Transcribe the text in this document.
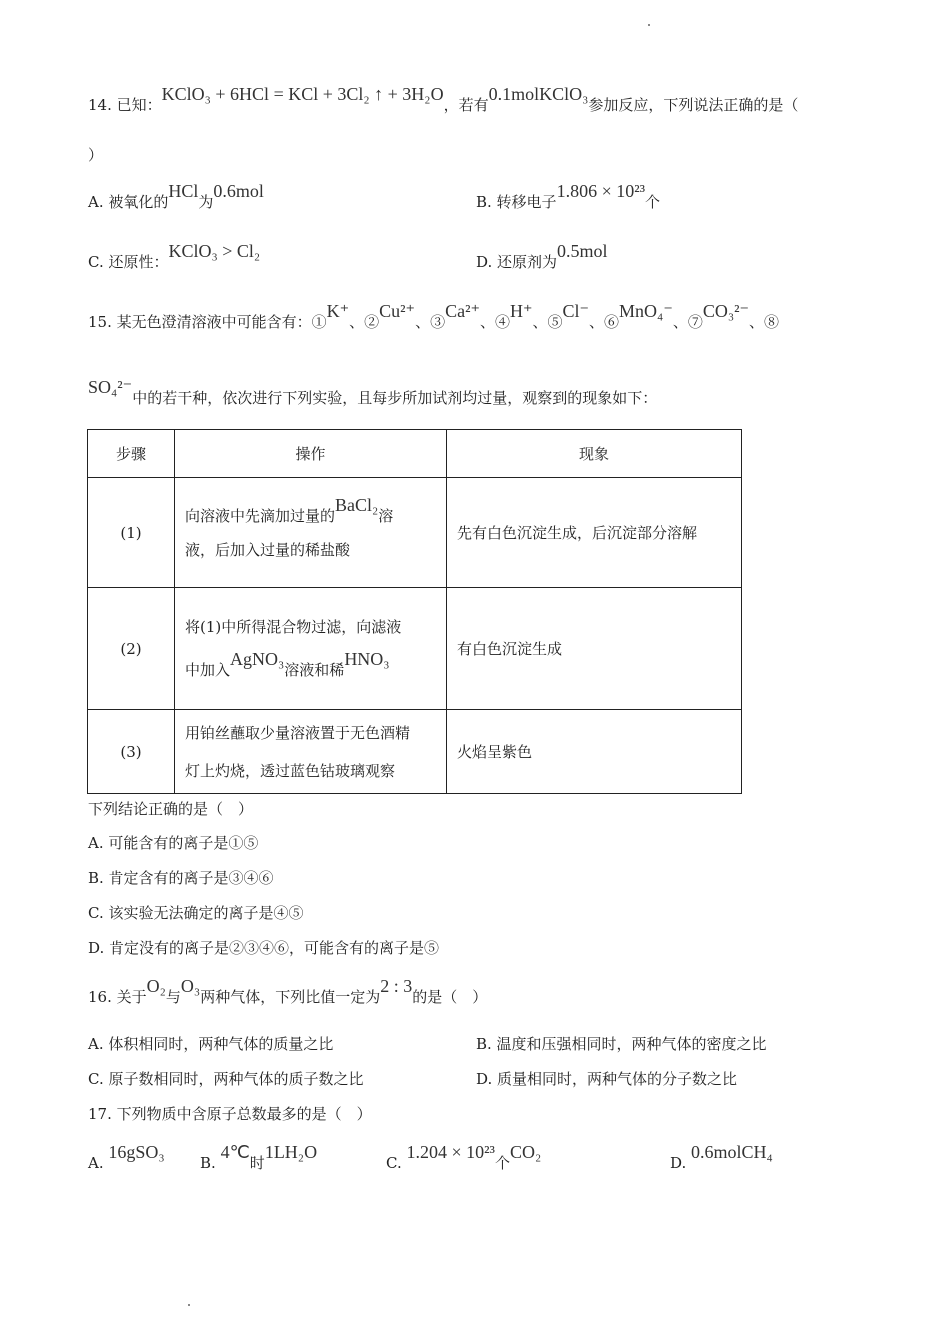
14. 已知：KClO₃ + 6HCl = KCl + 3Cl₂ ↑ + 3H₂O，若有0.1molKClO₃参加反应，下列说法正确的是（
）
A. 被氧化的HCl为0.6mol
B. 转移电子1.806 × 10²³个
C. 还原性：KClO₃ > Cl₂
D. 还原剂为0.5mol
15. 某无色澄清溶液中可能含有：①K⁺、②Cu²⁺、③Ca²⁺、④H⁺、⑤Cl⁻、⑥MnO₄⁻、⑦CO₃²⁻、⑧
SO₄²⁻中的若干种，依次进行下列实验，且每步所加试剂均过量，观察到的现象如下：
步骤	操作	现象
(1)	向溶液中先滴加过量的BaCl₂溶
液，后加入过量的稀盐酸	先有白色沉淀生成，后沉淀部分溶解
(2)	将(1)中所得混合物过滤，向滤液
中加入AgNO₃溶液和稀HNO₃	有白色沉淀生成
(3)	用铂丝蘸取少量溶液置于无色酒精
灯上灼烧，透过蓝色钴玻璃观察	火焰呈紫色
下列结论正确的是（　）
A. 可能含有的离子是①⑤
B. 肯定含有的离子是③④⑥
C. 该实验无法确定的离子是④⑤
D. 肯定没有的离子是②③④⑥，可能含有的离子是⑤
16. 关于O₂与O₃两种气体，下列比值一定为2 : 3的是（　）
A. 体积相同时，两种气体的质量之比	B. 温度和压强相同时，两种气体的密度之比
C. 原子数相同时，两种气体的质子数之比	D. 质量相同时，两种气体的分子数之比
17. 下列物质中含原子总数最多的是（　）
A. 16gSO₃
B. 4℃时1LH₂O
C. 1.204 × 10²³个CO₂
D. 0.6molCH₄
